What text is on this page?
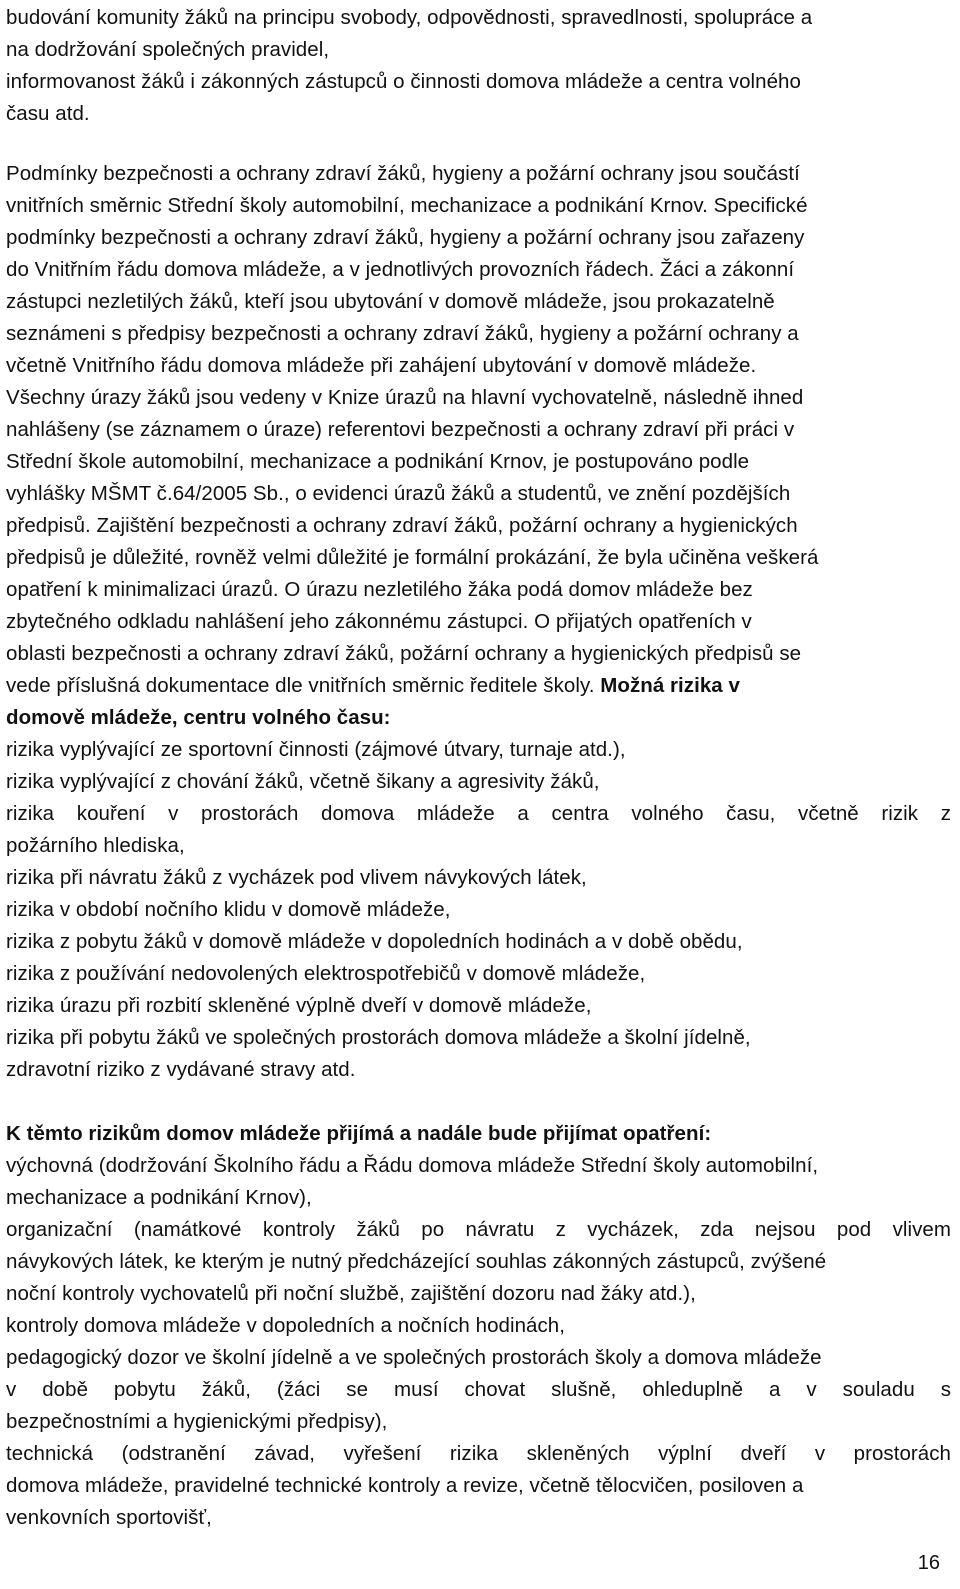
budování komunity žáků na principu svobody, odpovědnosti, spravedlnosti, spolupráce a

na dodržování společných pravidel,

informovanost žáků i zákonných zástupců o činnosti domova mládeže a centra volného

času atd.

Podmínky bezpečnosti a ochrany zdraví žáků, hygieny a požární ochrany jsou součástí

vnitřních směrnic Střední školy automobilní, mechanizace a podnikání Krnov. Specifické

podmínky bezpečnosti a ochrany zdraví žáků, hygieny a požární ochrany jsou zařazeny

do Vnitřním řádu domova mládeže, a v jednotlivých provozních řádech. Žáci a zákonní

zástupci nezletilých žáků, kteří jsou ubytování v domově mládeže, jsou prokazatelně

seznámeni s předpisy bezpečnosti a ochrany zdraví žáků, hygieny a požární ochrany a

včetně Vnitřního řádu domova mládeže při zahájení ubytování v domově mládeže.

Všechny úrazy žáků jsou vedeny v Knize úrazů na hlavní vychovatelně, následně ihned

nahlášeny (se záznamem o úraze) referentovi bezpečnosti a ochrany zdraví při práci v

Střední škole automobilní, mechanizace a podnikání Krnov, je postupováno podle

vyhlášky MŠMT č.64/2005 Sb., o evidenci úrazů žáků a studentů, ve znění pozdějších

předpisů. Zajištění bezpečnosti a ochrany zdraví žáků, požární ochrany a hygienických

předpisů je důležité, rovněž velmi důležité je formální prokázání, že byla učiněna veškerá

opatření k minimalizaci úrazů. O úrazu nezletilého žáka podá domov mládeže bez

zbytečného odkladu nahlášení jeho zákonnému zástupci. O přijatých opatřeních v

oblasti bezpečnosti a ochrany zdraví žáků, požární ochrany a hygienických předpisů se

vede příslušná dokumentace dle vnitřních směrnic ředitele školy. Možná rizika v

domově mládeže, centru volného času:

rizika vyplývající ze sportovní činnosti (zájmové útvary, turnaje atd.),

rizika vyplývající z chování žáků, včetně šikany a agresivity žáků,

rizika kouření v prostorách domova mládeže a centra volného času, včetně rizik z

požárního hlediska,

rizika při návratu žáků z vycházek pod vlivem návykových látek,

rizika v období nočního klidu v domově mládeže,

rizika z pobytu žáků v domově mládeže v dopoledních hodinách a v době obědu,

rizika z používání nedovolených elektrospotřebičů v domově mládeže,

rizika úrazu při rozbití skleněné výplně dveří v domově mládeže,

rizika při pobytu žáků ve společných prostorách domova mládeže a školní jídelně,

zdravotní riziko z vydávané stravy atd.

K těmto rizikům domov mládeže přijímá a nadále bude přijímat opatření:

výchovná (dodržování Školního řádu a Řádu domova mládeže Střední školy automobilní,

mechanizace a podnikání Krnov),

organizační (namátkové kontroly žáků po návratu z vycházek, zda nejsou pod vlivem

návykových látek, ke kterým je nutný předcházející souhlas zákonných zástupců, zvýšené

noční kontroly vychovatelů při noční službě, zajištění dozoru nad žáky atd.),

kontroly domova mládeže v dopoledních a nočních hodinách,

pedagogický dozor ve školní jídelně a ve společných prostorách školy a domova mládeže

v době pobytu žáků, (žáci se musí chovat slušně, ohleduplně a v souladu s

bezpečnostními a hygienickými předpisy),

technická (odstranění závad, vyřešení rizika skleněných výplní dveří v prostorách

domova mládeže, pravidelné technické kontroly a revize, včetně tělocvičen, posiloven a

venkovních sportovišť,

16
